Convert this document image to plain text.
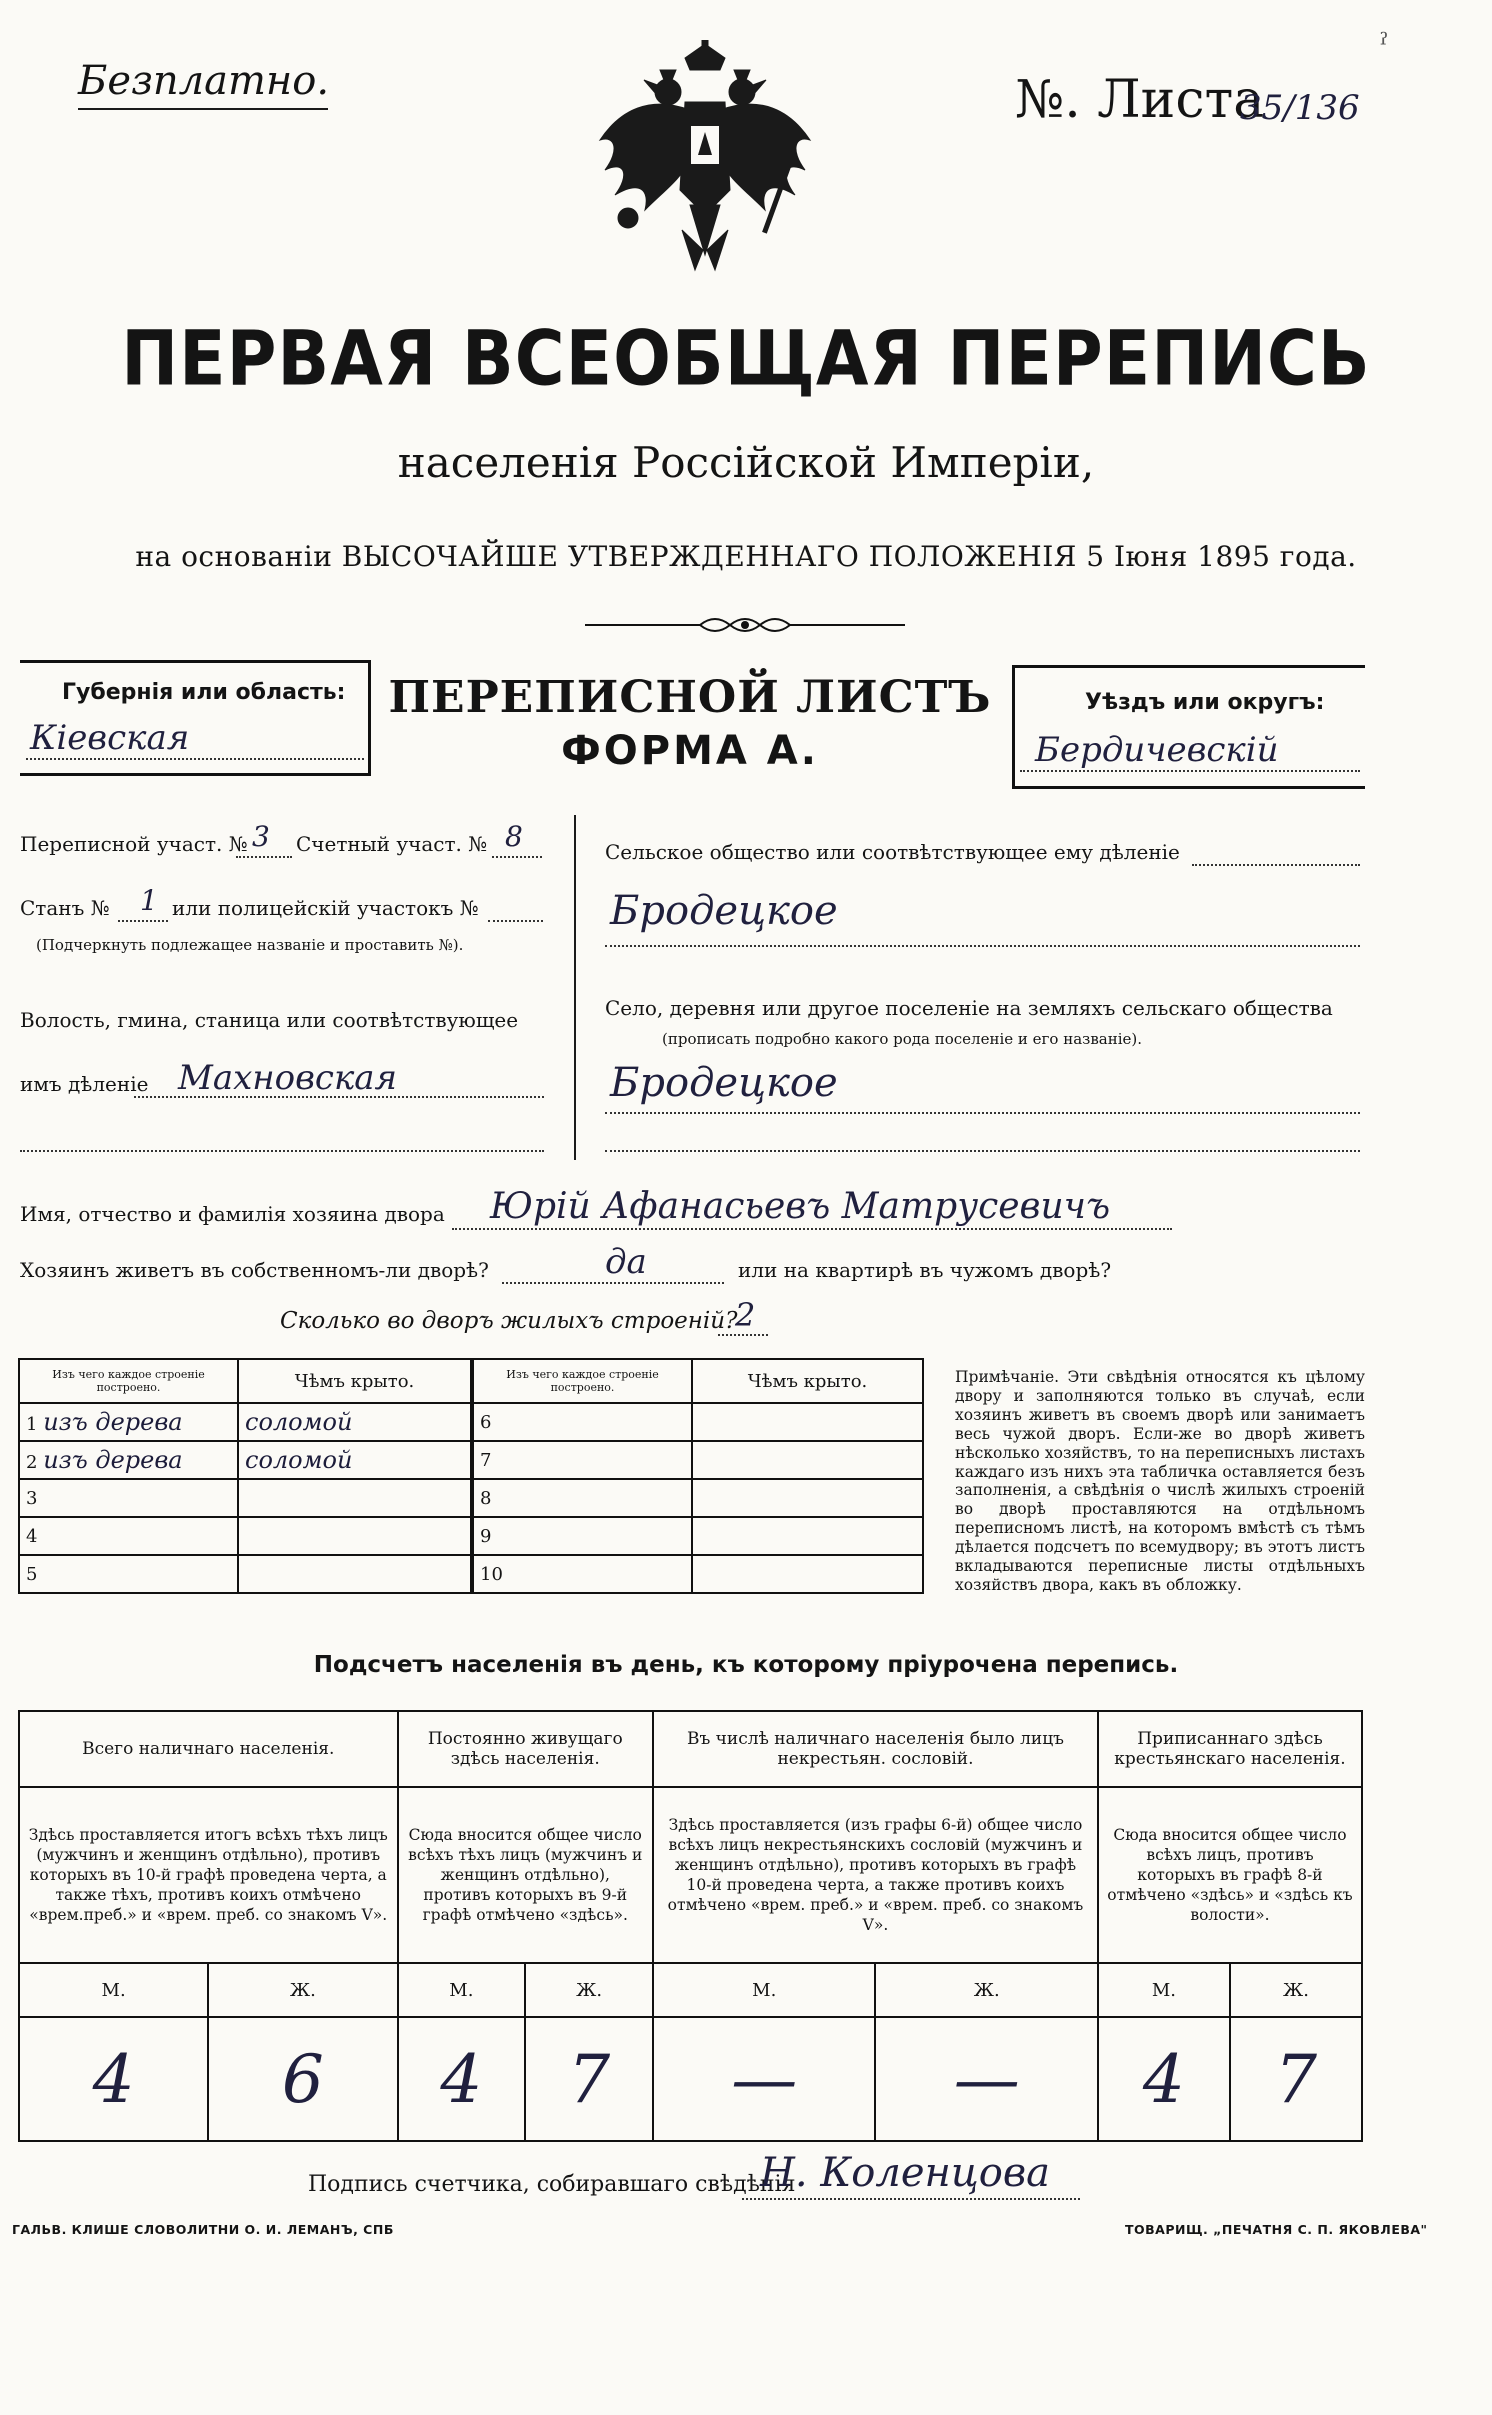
Безплатно.	№. Листа
35/136
ˀ
ПЕРВАЯ ВСЕОБЩАЯ ПЕРЕПИСЬ
населенія Россійской Имперіи,
на основаніи ВЫСОЧАЙШЕ УТВЕРЖДЕННАГО ПОЛОЖЕНІЯ 5 Іюня 1895 года.
Губернія или область:
Кіевская
ПЕРЕПИСНОЙ ЛИСТЪ
ФОРМА А.
Уѣздъ или округъ:
Бердичевскій
Переписной участ. № 3 Счетный участ. № 8
Станъ № 1 или полицейскій участокъ №
(Подчеркнуть подлежащее названіе и проставить №).
Волость, гмина, станица или соотвѣтствующее
имъ дѣленіе Махновская
Сельское общество или соотвѣтствующее ему дѣленіе
Бродецкое
Село, деревня или другое поселеніе на земляхъ сельскаго общества
(прописать подробно какого рода поселеніе и его названіе).
Бродецкое
Имя, отчество и фамилія хозяина двора Юрій Афанасьевъ Матрусевичъ
Хозяинъ живетъ въ собственномъ-ли дворѣ?	да	или на квартирѣ въ чужомъ дворѣ?
Сколько во дворъ жилыхъ строеній?
2
Изъ чего каждое строеніе построено.	Чѣмъ крыто.
1 изъ дерева	соломой
2 изъ дерева	соломой
3	
4	
5	
Изъ чего каждое строеніе построено.	Чѣмъ крыто.
6	
7	
8	
9	
10	
Примѣчаніе. Эти свѣдѣнія относятся къ цѣлому двору и заполняются только въ случаѣ, если хозяинъ живетъ въ своемъ дворѣ или занимаетъ весь чужой дворъ. Если-же во дворѣ живетъ нѣсколько хозяйствъ, то на переписныхъ листахъ каждаго изъ нихъ эта табличка оставляется безъ заполненія, а свѣдѣнія о числѣ жилыхъ строеній во дворѣ проставляются на отдѣльномъ переписномъ листѣ, на которомъ вмѣстѣ съ тѣмъ дѣлается подсчетъ по всемудвору; въ этотъ листъ вкладываются переписные листы отдѣльныхъ хозяйствъ двора, какъ въ обложку.
Подсчетъ населенія въ день, къ которому пріурочена перепись.
Всего наличнаго населенія.		Постоянно живущаго здѣсь населенія.		Въ числѣ наличнаго населенія было лицъ некрестьян. сословій.		Приписаннаго здѣсь крестьянскаго населенія.	
Здѣсь проставляется итогъ всѣхъ тѣхъ лицъ (мужчинъ и женщинъ отдѣльно), противъ которыхъ въ 10-й графѣ проведена черта, а также тѣхъ, противъ коихъ отмѣчено «врем.преб.» и «врем. преб. со знакомъ V».		Сюда вносится общее число всѣхъ тѣхъ лицъ (мужчинъ и женщинъ отдѣльно), противъ которыхъ въ 9-й графѣ отмѣчено «здѣсь».		Здѣсь проставляется (изъ графы 6-й) общее число всѣхъ лицъ некрестьянскихъ сословій (мужчинъ и женщинъ отдѣльно), противъ которыхъ въ графѣ 10-й проведена черта, а также противъ коихъ отмѣчено «врем. преб.» и «врем. преб. со знакомъ V».		Сюда вносится общее число всѣхъ лицъ, противъ которыхъ въ графѣ 8-й отмѣчено «здѣсь» и «здѣсь къ волости».	
М.	Ж.	М.	Ж.	М.	Ж.	М.	Ж.
4	6	4	7	—	—	4	7
Подпись счетчика, собиравшаго свѣдѣнія
Н. Коленцова
ГАЛЬВ. КЛИШЕ СЛОВОЛИТНИ О. И. ЛЕМАНЪ, СПБ	ТОВАРИЩ. „ПЕЧАТНЯ С. П. ЯКОВЛЕВА"
